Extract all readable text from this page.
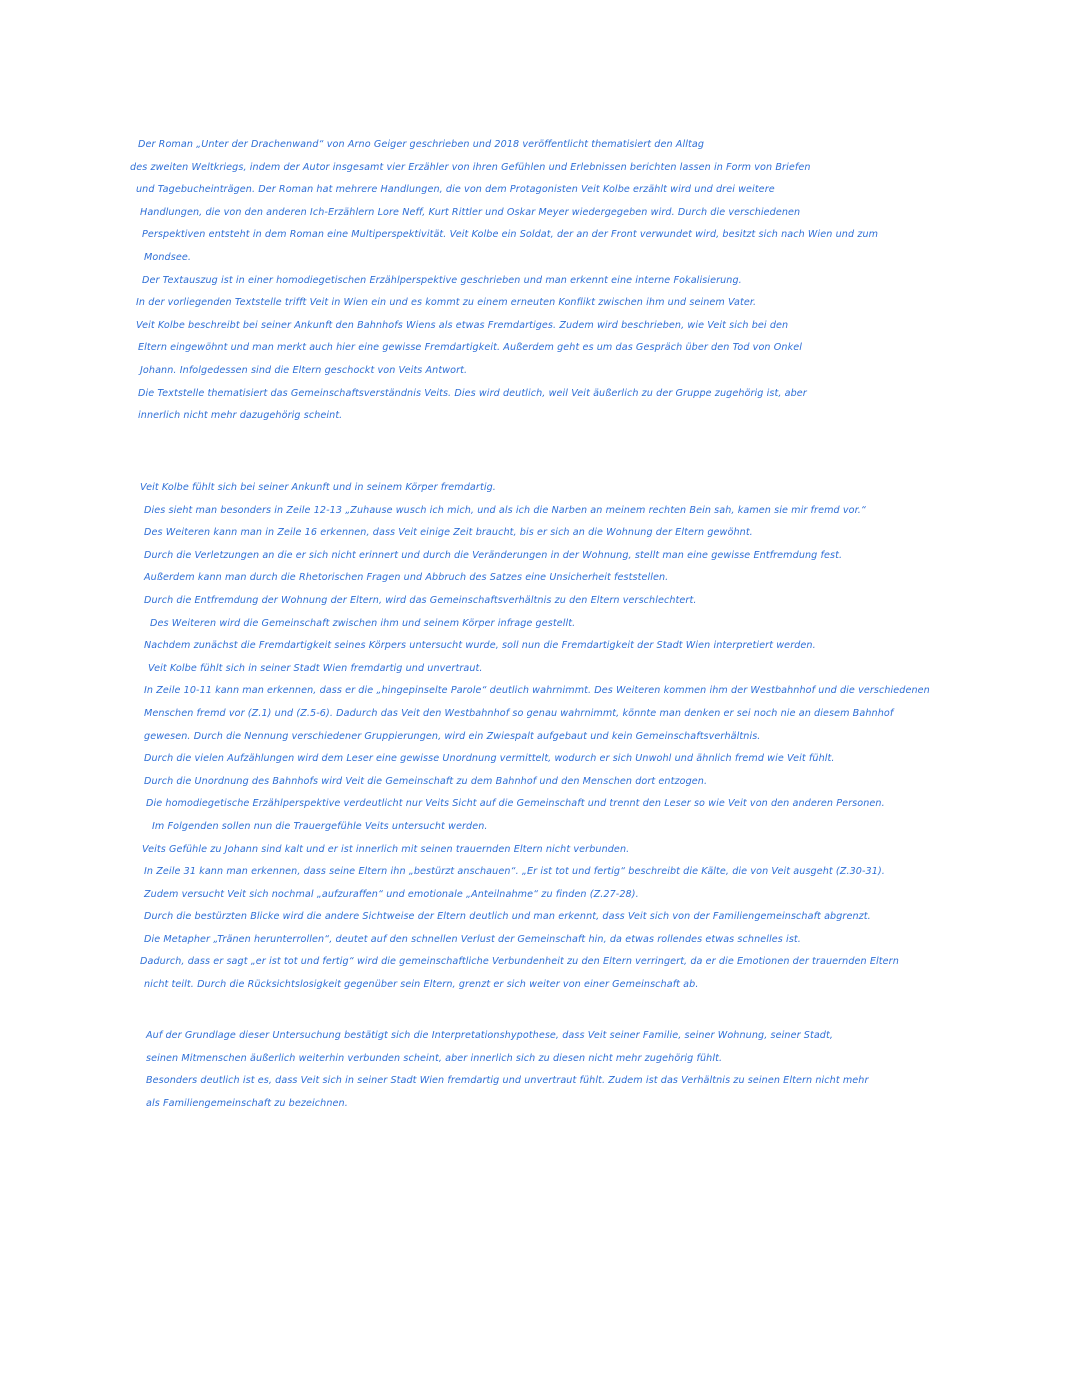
Der Roman „Unter der Drachenwand“ von Arno Geiger geschrieben und 2018 veröffentlicht thematisiert den Alltag
des zweiten Weltkriegs, indem der Autor insgesamt vier Erzähler von ihren Gefühlen und Erlebnissen berichten lassen in Form von Briefen
und Tagebucheinträgen. Der Roman hat mehrere Handlungen, die von dem Protagonisten Veit Kolbe erzählt wird und drei weitere
Handlungen, die von den anderen Ich-Erzählern Lore Neff, Kurt Rittler und Oskar Meyer wiedergegeben wird. Durch die verschiedenen
Perspektiven entsteht in dem Roman eine Multiperspektivität. Veit Kolbe ein Soldat, der an der Front verwundet wird, besitzt sich nach Wien und zum
Mondsee.
Der Textauszug ist in einer homodiegetischen Erzählperspektive geschrieben und man erkennt eine interne Fokalisierung.
In der vorliegenden Textstelle trifft Veit in Wien ein und es kommt zu einem erneuten Konflikt zwischen ihm und seinem Vater.
Veit Kolbe beschreibt bei seiner Ankunft den Bahnhofs Wiens als etwas Fremdartiges. Zudem wird beschrieben, wie Veit sich bei den
Eltern eingewöhnt und man merkt auch hier eine gewisse Fremdartigkeit. Außerdem geht es um das Gespräch über den Tod von Onkel
Johann. Infolgedessen sind die Eltern geschockt von Veits Antwort.
Die Textstelle thematisiert das Gemeinschaftsverständnis Veits. Dies wird deutlich, weil Veit äußerlich zu der Gruppe zugehörig ist, aber
innerlich nicht mehr dazugehörig scheint.
Veit Kolbe fühlt sich bei seiner Ankunft und in seinem Körper fremdartig.
Dies sieht man besonders in Zeile 12-13 „Zuhause wusch ich mich, und als ich die Narben an meinem rechten Bein sah, kamen sie mir fremd vor.“
Des Weiteren kann man in Zeile 16 erkennen, dass Veit einige Zeit braucht, bis er sich an die Wohnung der Eltern gewöhnt.
Durch die Verletzungen an die er sich nicht erinnert und durch die Veränderungen in der Wohnung, stellt man eine gewisse Entfremdung fest.
Außerdem kann man durch die Rhetorischen Fragen und Abbruch des Satzes eine Unsicherheit feststellen.
Durch die Entfremdung der Wohnung der Eltern, wird das Gemeinschaftsverhältnis zu den Eltern verschlechtert.
Des Weiteren wird die Gemeinschaft zwischen ihm und seinem Körper infrage gestellt.
Nachdem zunächst die Fremdartigkeit seines Körpers untersucht wurde, soll nun die Fremdartigkeit der Stadt Wien interpretiert werden.
Veit Kolbe fühlt sich in seiner Stadt Wien fremdartig und unvertraut.
In Zeile 10-11 kann man erkennen, dass er die „hingepinselte Parole“ deutlich wahrnimmt. Des Weiteren kommen ihm der Westbahnhof und die verschiedenen
Menschen fremd vor (Z.1) und (Z.5-6). Dadurch das Veit den Westbahnhof so genau wahrnimmt, könnte man denken er sei noch nie an diesem Bahnhof
gewesen. Durch die Nennung verschiedener Gruppierungen, wird ein Zwiespalt aufgebaut und kein Gemeinschaftsverhältnis.
Durch die vielen Aufzählungen wird dem Leser eine gewisse Unordnung vermittelt, wodurch er sich Unwohl und ähnlich fremd wie Veit fühlt.
Durch die Unordnung des Bahnhofs wird Veit die Gemeinschaft zu dem Bahnhof und den Menschen dort entzogen.
Die homodiegetische Erzählperspektive verdeutlicht nur Veits Sicht auf die Gemeinschaft und trennt den Leser so wie Veit von den anderen Personen.
Im Folgenden sollen nun die Trauergefühle Veits untersucht werden.
Veits Gefühle zu Johann sind kalt und er ist innerlich mit seinen trauernden Eltern nicht verbunden.
In Zeile 31 kann man erkennen, dass seine Eltern ihn „bestürzt anschauen“. „Er ist tot und fertig“ beschreibt die Kälte, die von Veit ausgeht (Z.30-31).
Zudem versucht Veit sich nochmal „aufzuraffen“ und emotionale „Anteilnahme“ zu finden (Z.27-28).
Durch die bestürzten Blicke wird die andere Sichtweise der Eltern deutlich und man erkennt, dass Veit sich von der Familiengemeinschaft abgrenzt.
Die Metapher „Tränen herunterrollen“, deutet auf den schnellen Verlust der Gemeinschaft hin, da etwas rollendes etwas schnelles ist.
Dadurch, dass er sagt „er ist tot und fertig“ wird die gemeinschaftliche Verbundenheit zu den Eltern verringert, da er die Emotionen der trauernden Eltern
nicht teilt. Durch die Rücksichtslosigkeit gegenüber sein Eltern, grenzt er sich weiter von einer Gemeinschaft ab.
Auf der Grundlage dieser Untersuchung bestätigt sich die Interpretationshypothese, dass Veit seiner Familie, seiner Wohnung, seiner Stadt,
seinen Mitmenschen äußerlich weiterhin verbunden scheint, aber innerlich sich zu diesen nicht mehr zugehörig fühlt.
Besonders deutlich ist es, dass Veit sich in seiner Stadt Wien fremdartig und unvertraut fühlt. Zudem ist das Verhältnis zu seinen Eltern nicht mehr
als Familiengemeinschaft zu bezeichnen.
